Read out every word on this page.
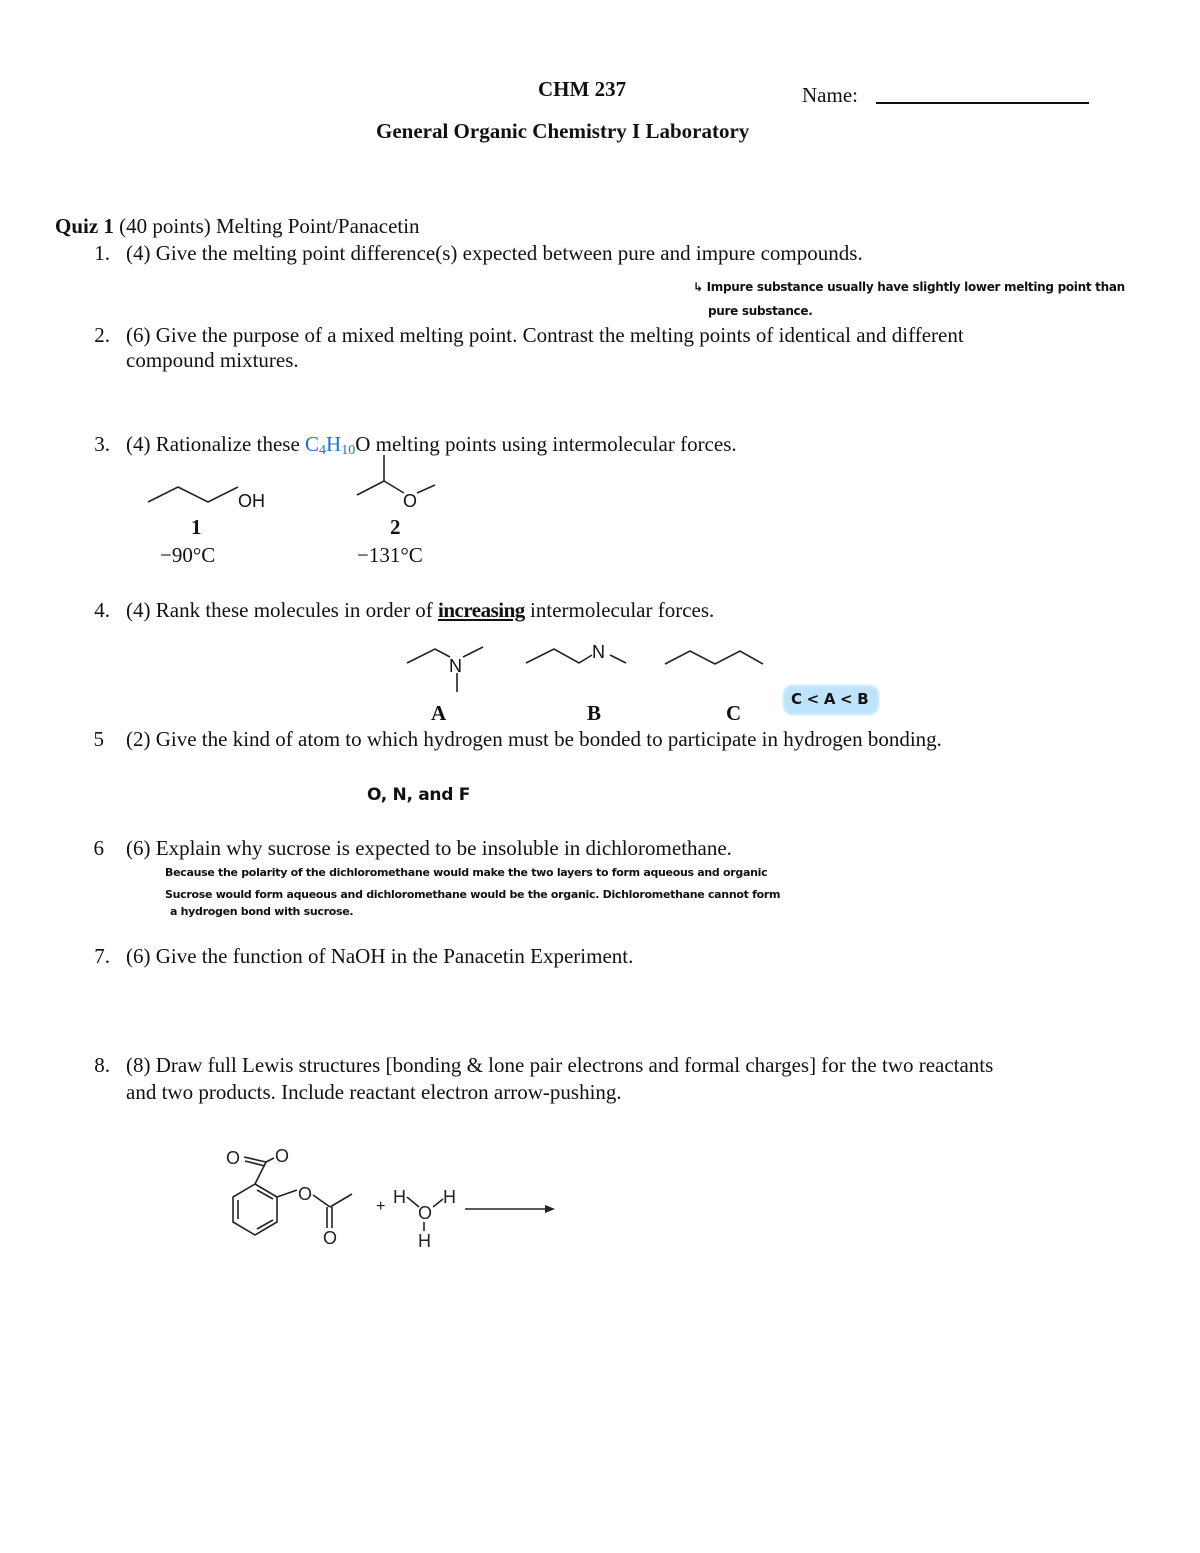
CHM 237	Name:
General Organic Chemistry I Laboratory
Quiz 1 (40 points) Melting Point/Panacetin
1. (4) Give the melting point difference(s) expected between pure and impure compounds.
↳ Impure substance usually have slightly lower melting point than
pure substance.
2. (6) Give the purpose of a mixed melting point. Contrast the melting points of identical and different
compound mixtures.
3. (4) Rationalize these $C_4H_{10}O$ melting points using intermolecular forces.
OH
1
−90°C
O
2
−131°C
4. (4) Rank these molecules in order of increasing intermolecular forces.
N
A
N
B	C
C < A < B
5 (2) Give the kind of atom to which hydrogen must be bonded to participate in hydrogen bonding.
O, N, and F
6 (6) Explain why sucrose is expected to be insoluble in dichloromethane.
Because the polarity of the dichloromethane would make the two layers to form aqueous and organic
Sucrose would form aqueous and dichloromethane would be the organic. Dichloromethane cannot form
a hydrogen bond with sucrose.
7. (6) Give the function of NaOH in the Panacetin Experiment.
8. (8) Draw full Lewis structures [bonding & lone pair electrons and formal charges] for the two reactants
and two products. Include reactant electron arrow-pushing.
O O
O
O
+ H
O
H
H
